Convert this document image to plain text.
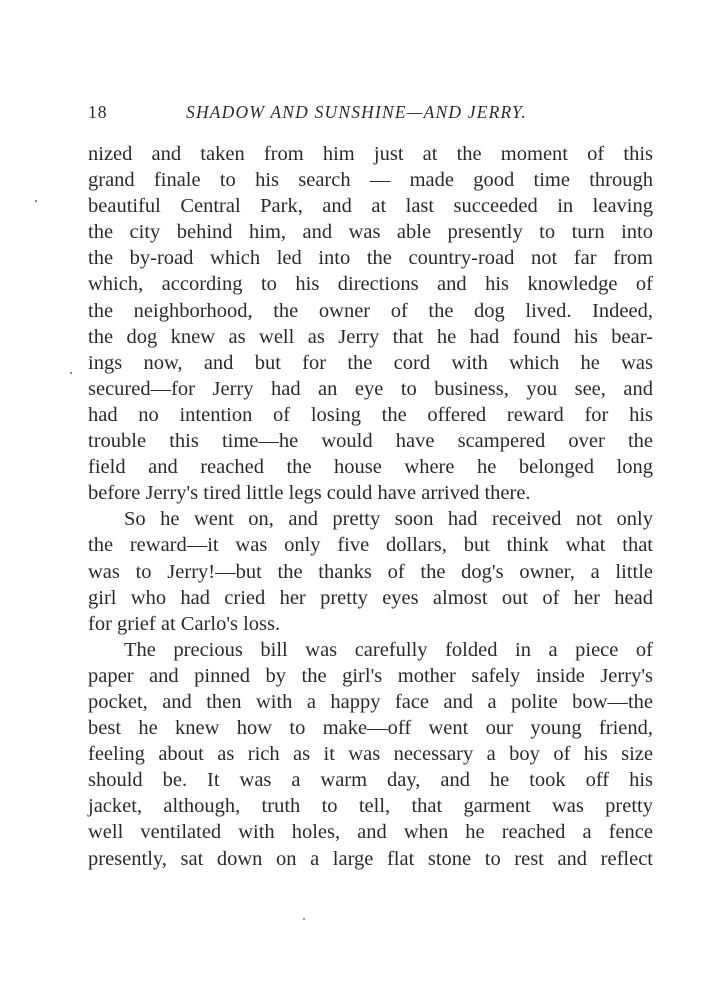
18	SHADOW AND SUNSHINE—AND JERRY.
nized and taken from him just at the moment of this
grand finale to his search — made good time through
beautiful Central Park, and at last succeeded in leaving
the city behind him, and was able presently to turn into
the by-road which led into the country-road not far from
which, according to his directions and his knowledge of
the neighborhood, the owner of the dog lived. Indeed,
the dog knew as well as Jerry that he had found his bear-
ings now, and but for the cord with which he was
secured—for Jerry had an eye to business, you see, and
had no intention of losing the offered reward for his
trouble this time—he would have scampered over the
field and reached the house where he belonged long
before Jerry's tired little legs could have arrived there.
So he went on, and pretty soon had received not only
the reward—it was only five dollars, but think what that
was to Jerry!—but the thanks of the dog's owner, a little
girl who had cried her pretty eyes almost out of her head
for grief at Carlo's loss.
The precious bill was carefully folded in a piece of
paper and pinned by the girl's mother safely inside Jerry's
pocket, and then with a happy face and a polite bow—the
best he knew how to make—off went our young friend,
feeling about as rich as it was necessary a boy of his size
should be. It was a warm day, and he took off his
jacket, although, truth to tell, that garment was pretty
well ventilated with holes, and when he reached a fence
presently, sat down on a large flat stone to rest and reflect
